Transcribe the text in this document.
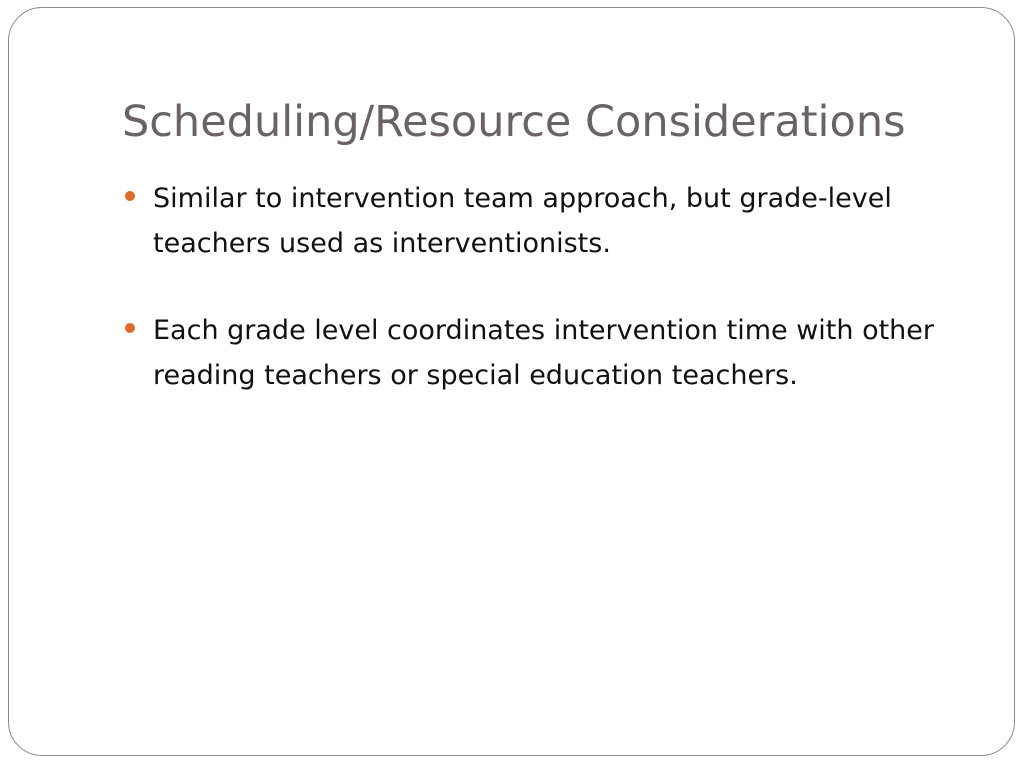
Scheduling/Resource Considerations
Similar to intervention team approach, but grade-level teachers used as interventionists.
Each grade level coordinates intervention time with other reading teachers or special education teachers.
